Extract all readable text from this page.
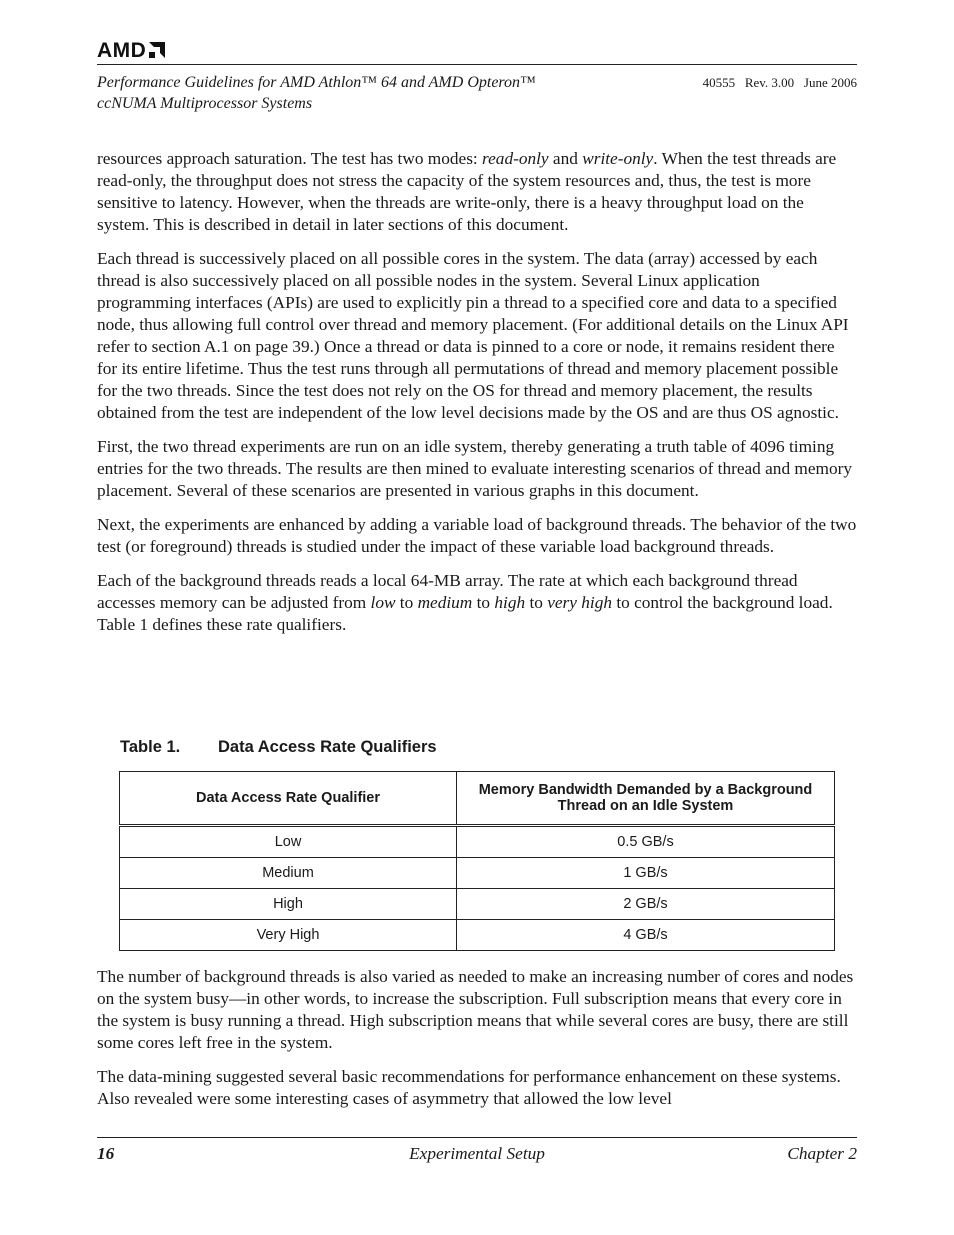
AMD
Performance Guidelines for AMD Athlon™ 64 and AMD Opteron™
ccNUMA Multiprocessor Systems
40555   Rev. 3.00   June 2006

resources approach saturation. The test has two modes: read-only and write-only. When the test threads are read-only, the throughput does not stress the capacity of the system resources and, thus, the test is more sensitive to latency. However, when the threads are write-only, there is a heavy throughput load on the system. This is described in detail in later sections of this document.

Each thread is successively placed on all possible cores in the system. The data (array) accessed by each thread is also successively placed on all possible nodes in the system. Several Linux application programming interfaces (APIs) are used to explicitly pin a thread to a specified core and data to a specified node, thus allowing full control over thread and memory placement. (For additional details on the Linux API refer to section A.1 on page 39.) Once a thread or data is pinned to a core or node, it remains resident there for its entire lifetime. Thus the test runs through all permutations of thread and memory placement possible for the two threads. Since the test does not rely on the OS for thread and memory placement, the results obtained from the test are independent of the low level decisions made by the OS and are thus OS agnostic.

First, the two thread experiments are run on an idle system, thereby generating a truth table of 4096 timing entries for the two threads. The results are then mined to evaluate interesting scenarios of thread and memory placement. Several of these scenarios are presented in various graphs in this document.

Next, the experiments are enhanced by adding a variable load of background threads. The behavior of the two test (or foreground) threads is studied under the impact of these variable load background threads.

Each of the background threads reads a local 64-MB array. The rate at which each background thread accesses memory can be adjusted from low to medium to high to very high to control the background load. Table 1 defines these rate qualifiers.

Table 1. Data Access Rate Qualifiers
Data Access Rate Qualifier	Memory Bandwidth Demanded by a Background Thread on an Idle System
Low	0.5 GB/s
Medium	1 GB/s
High	2 GB/s
Very High	4 GB/s

The number of background threads is also varied as needed to make an increasing number of cores and nodes on the system busy—in other words, to increase the subscription. Full subscription means that every core in the system is busy running a thread. High subscription means that while several cores are busy, there are still some cores left free in the system.

The data-mining suggested several basic recommendations for performance enhancement on these systems. Also revealed were some interesting cases of asymmetry that allowed the low level

16	Experimental Setup	Chapter 2
